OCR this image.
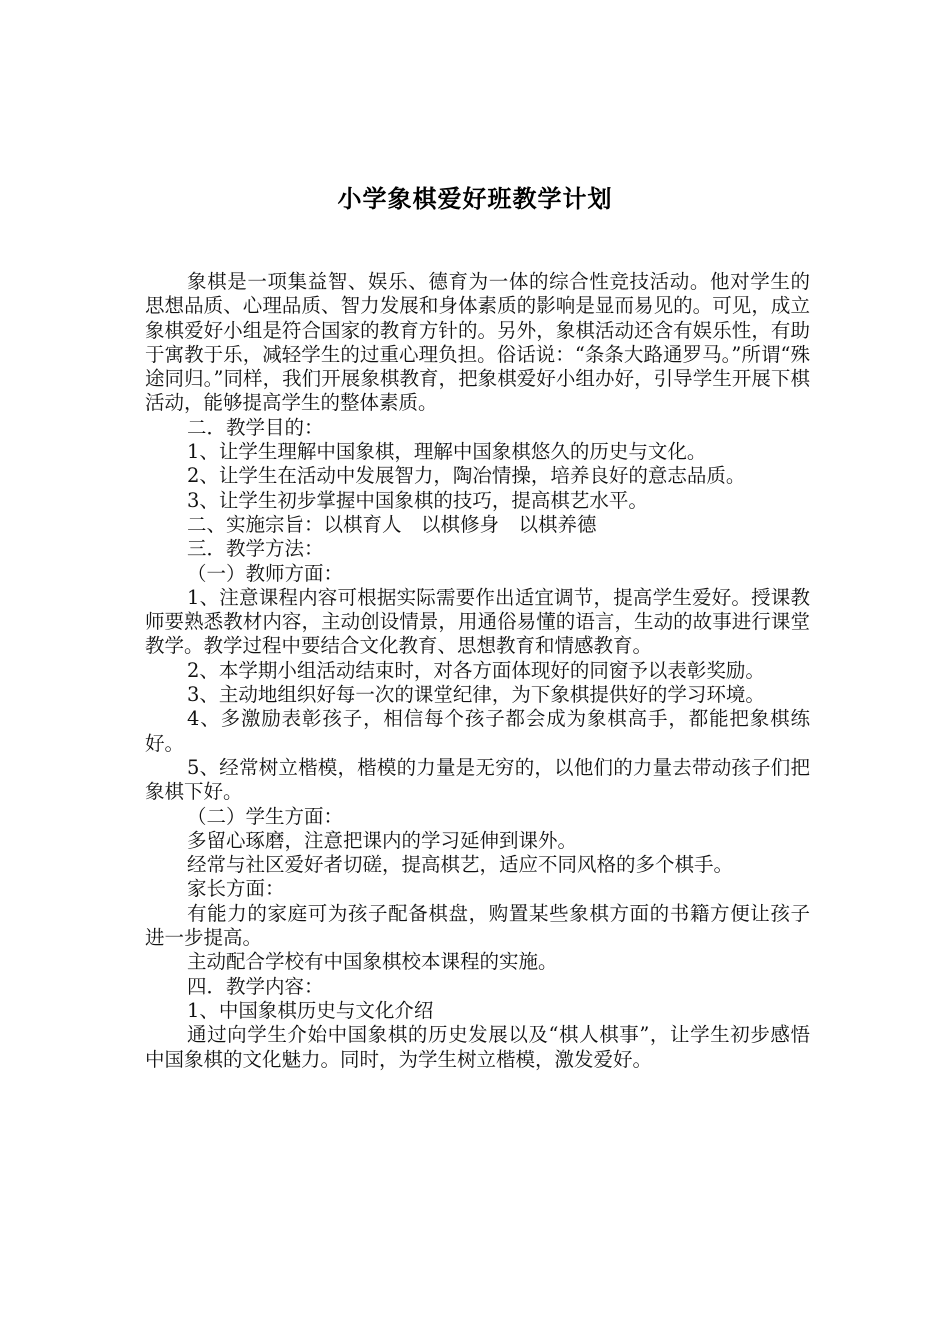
小学象棋爱好班教学计划

象棋是一项集益智、娱乐、德育为一体的综合性竞技活动。他对学生的思想品质、心理品质、智力发展和身体素质的影响是显而易见的。可见，成立象棋爱好小组是符合国家的教育方针的。另外，象棋活动还含有娱乐性，有助于寓教于乐，减轻学生的过重心理负担。俗话说：“条条大路通罗马。”所谓“殊途同归。”同样，我们开展象棋教育，把象棋爱好小组办好，引导学生开展下棋活动，能够提高学生的整体素质。

二．教学目的：

1、让学生理解中国象棋，理解中国象棋悠久的历史与文化。

2、让学生在活动中发展智力，陶冶情操，培养良好的意志品质。

3、让学生初步掌握中国象棋的技巧，提高棋艺水平。

二、实施宗旨：以棋育人　以棋修身　以棋养德

三．教学方法：

（一）教师方面：

1、注意课程内容可根据实际需要作出适宜调节，提高学生爱好。授课教师要熟悉教材内容，主动创设情景，用通俗易懂的语言，生动的故事进行课堂教学。教学过程中要结合文化教育、思想教育和情感教育。

2、本学期小组活动结束时，对各方面体现好的同窗予以表彰奖励。

3、主动地组织好每一次的课堂纪律，为下象棋提供好的学习环境。

4、多激励表彰孩子，相信每个孩子都会成为象棋高手，都能把象棋练好。

5、经常树立楷模，楷模的力量是无穷的，以他们的力量去带动孩子们把象棋下好。

（二）学生方面：

多留心琢磨，注意把课内的学习延伸到课外。

经常与社区爱好者切磋，提高棋艺，适应不同风格的多个棋手。

家长方面：

有能力的家庭可为孩子配备棋盘，购置某些象棋方面的书籍方便让孩子进一步提高。

主动配合学校有中国象棋校本课程的实施。

四．教学内容：

1、中国象棋历史与文化介绍

通过向学生介始中国象棋的历史发展以及“棋人棋事”，让学生初步感悟中国象棋的文化魅力。同时，为学生树立楷模，激发爱好。
